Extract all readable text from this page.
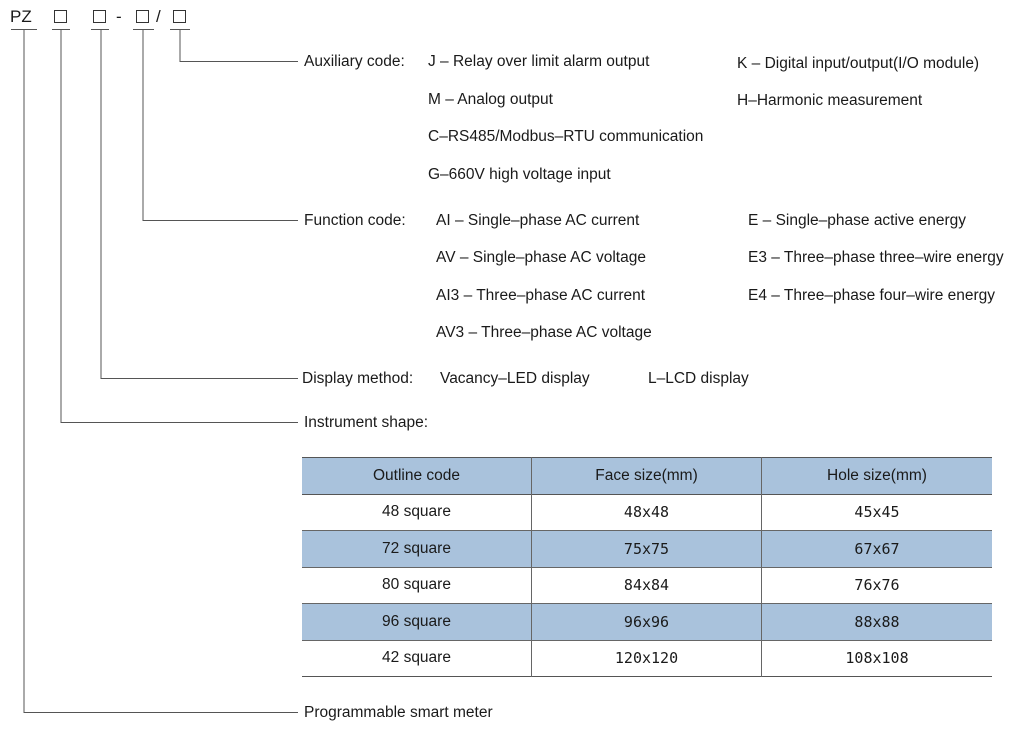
PZ	- /
Auxiliary code: J – Relay over limit alarm output	K – Digital input/output(I/O module)
M – Analog output	H–Harmonic measurement
C–RS485/Modbus–RTU communication
G–660V high voltage input
Function code: AI – Single–phase AC current	E – Single–phase active energy
AV – Single–phase AC voltage	E3 – Three–phase three–wire energy
AI3 – Three–phase AC current	E4 – Three–phase four–wire energy
AV3 – Three–phase AC voltage
Display method: Vacancy–LED display	L–LCD display
Instrument shape:
Outline code	Face size(mm)	Hole size(mm)
48 square	48x48	45x45
72 square	75x75	67x67
80 square	84x84	76x76
96 square	96x96	88x88
42 square	120x120	108x108
Programmable smart meter
